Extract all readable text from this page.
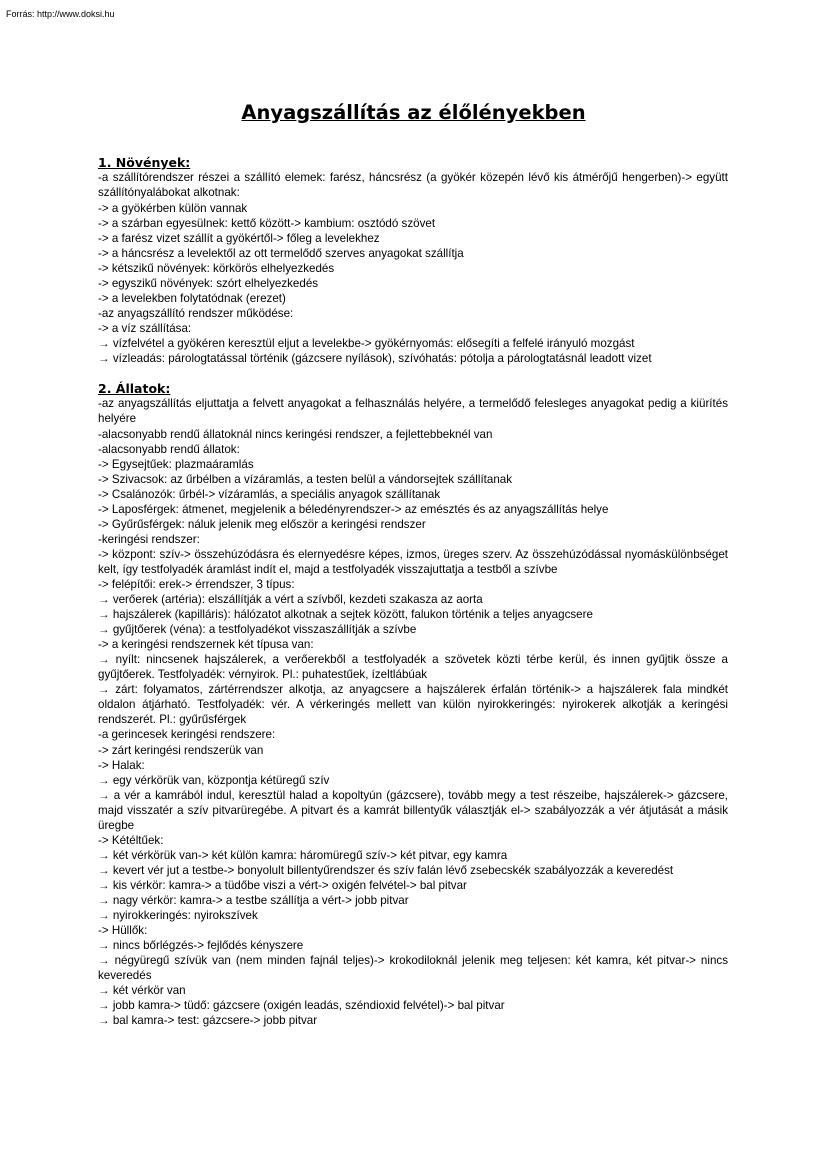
Forrás: http://www.doksi.hu
Anyagszállítás az élőlényekben
1. Növények:
-a szállítórendszer részei a szállító elemek: farész, háncsrész (a gyökér közepén lévő kis átmérőjű hengerben)-> együtt szállítónyalábokat alkotnak:
-> a gyökérben külön vannak
-> a szárban egyesülnek: kettő között-> kambium: osztódó szövet
-> a farész vizet szállít a gyökértől-> főleg a levelekhez
-> a háncsrész a levelektől az ott termelődő szerves anyagokat szállítja
-> kétszikű növények: körkörös elhelyezkedés
-> egyszikű növények: szórt elhelyezkedés
-> a levelekben folytatódnak (erezet)
-az anyagszállító rendszer működése:
-> a víz szállítása:
→ vízfelvétel a gyökéren keresztül eljut a levelekbe-> gyökérnyomás: elősegíti a felfelé irányuló mozgást
→ vízleadás: párologtatással történik (gázcsere nyílások), szívóhatás: pótolja a párologtatásnál leadott vizet
2. Állatok:
-az anyagszállítás eljuttatja a felvett anyagokat a felhasználás helyére, a termelődő felesleges anyagokat pedig a kiürítés helyére
-alacsonyabb rendű állatoknál nincs keringési rendszer, a fejlettebbeknél van
-alacsonyabb rendű állatok:
-> Egysejtűek: plazmaáramlás
-> Szivacsok: az űrbélben a vízáramlás, a testen belül a vándorsejtek szállítanak
-> Csalánozók: űrbél-> vízáramlás, a speciális anyagok szállítanak
-> Laposférgek: átmenet, megjelenik a béledényrendszer-> az emésztés és az anyagszállítás helye
-> Gyűrűsférgek: náluk jelenik meg először a keringési rendszer
-keringési rendszer:
-> központ: szív-> összehúzódásra és elernyedésre képes, izmos, üreges szerv. Az összehúzódással nyomáskülönbséget kelt, így testfolyadék áramlást indít el, majd a testfolyadék visszajuttatja a testből a szívbe
-> felépítői: erek-> érrendszer, 3 típus:
→ verőerek (artéria): elszállítják a vért a szívből, kezdeti szakasza az aorta
→ hajszálerek (kapilláris): hálózatot alkotnak a sejtek között, falukon történik a teljes anyagcsere
→ gyűjtőerek (véna): a testfolyadékot visszaszállítják a szívbe
-> a keringési rendszernek két típusa van:
→ nyílt: nincsenek hajszálerek, a verőerekből a testfolyadék a szövetek közti térbe kerül, és innen gyűjtik össze a gyűjtőerek. Testfolyadék: vérnyirok. Pl.: puhatestűek, ízeltlábúak
→ zárt: folyamatos, zártérrendszer alkotja, az anyagcsere a hajszálerek érfalán történik-> a hajszálerek fala mindkét oldalon átjárható. Testfolyadék: vér. A vérkeringés mellett van külön nyirokkeringés: nyirokerek alkotják a keringési rendszerét. Pl.: gyűrűsférgek
-a gerincesek keringési rendszere:
-> zárt keringési rendszerük van
-> Halak:
→ egy vérkörük van, központja kétüregű szív
→ a vér a kamrából indul, keresztül halad a kopoltyún (gázcsere), tovább megy a test részeibe, hajszálerek-> gázcsere, majd visszatér a szív pitvarüregébe. A pitvart és a kamrát billentyűk választják el-> szabályozzák a vér átjutását a másik üregbe
-> Kétéltűek:
→ két vérkörük van-> két külön kamra: háromüregű szív-> két pitvar, egy kamra
→ kevert vér jut a testbe-> bonyolult billentyűrendszer és szív falán lévő zsebecskék szabályozzák a keveredést
→ kis vérkör: kamra-> a tüdőbe viszi a vért-> oxigén felvétel-> bal pitvar
→ nagy vérkör: kamra-> a testbe szállítja a vért-> jobb pitvar
→ nyirokkeringés: nyirokszívek
-> Hüllők:
→ nincs bőrlégzés-> fejlődés kényszere
→ négyüregű szívük van (nem minden fajnál teljes)-> krokodiloknál jelenik meg teljesen: két kamra, két pitvar-> nincs keveredés
→ két vérkör van
→ jobb kamra-> tüdő: gázcsere (oxigén leadás, széndioxid felvétel)-> bal pitvar
→ bal kamra-> test: gázcsere-> jobb pitvar
